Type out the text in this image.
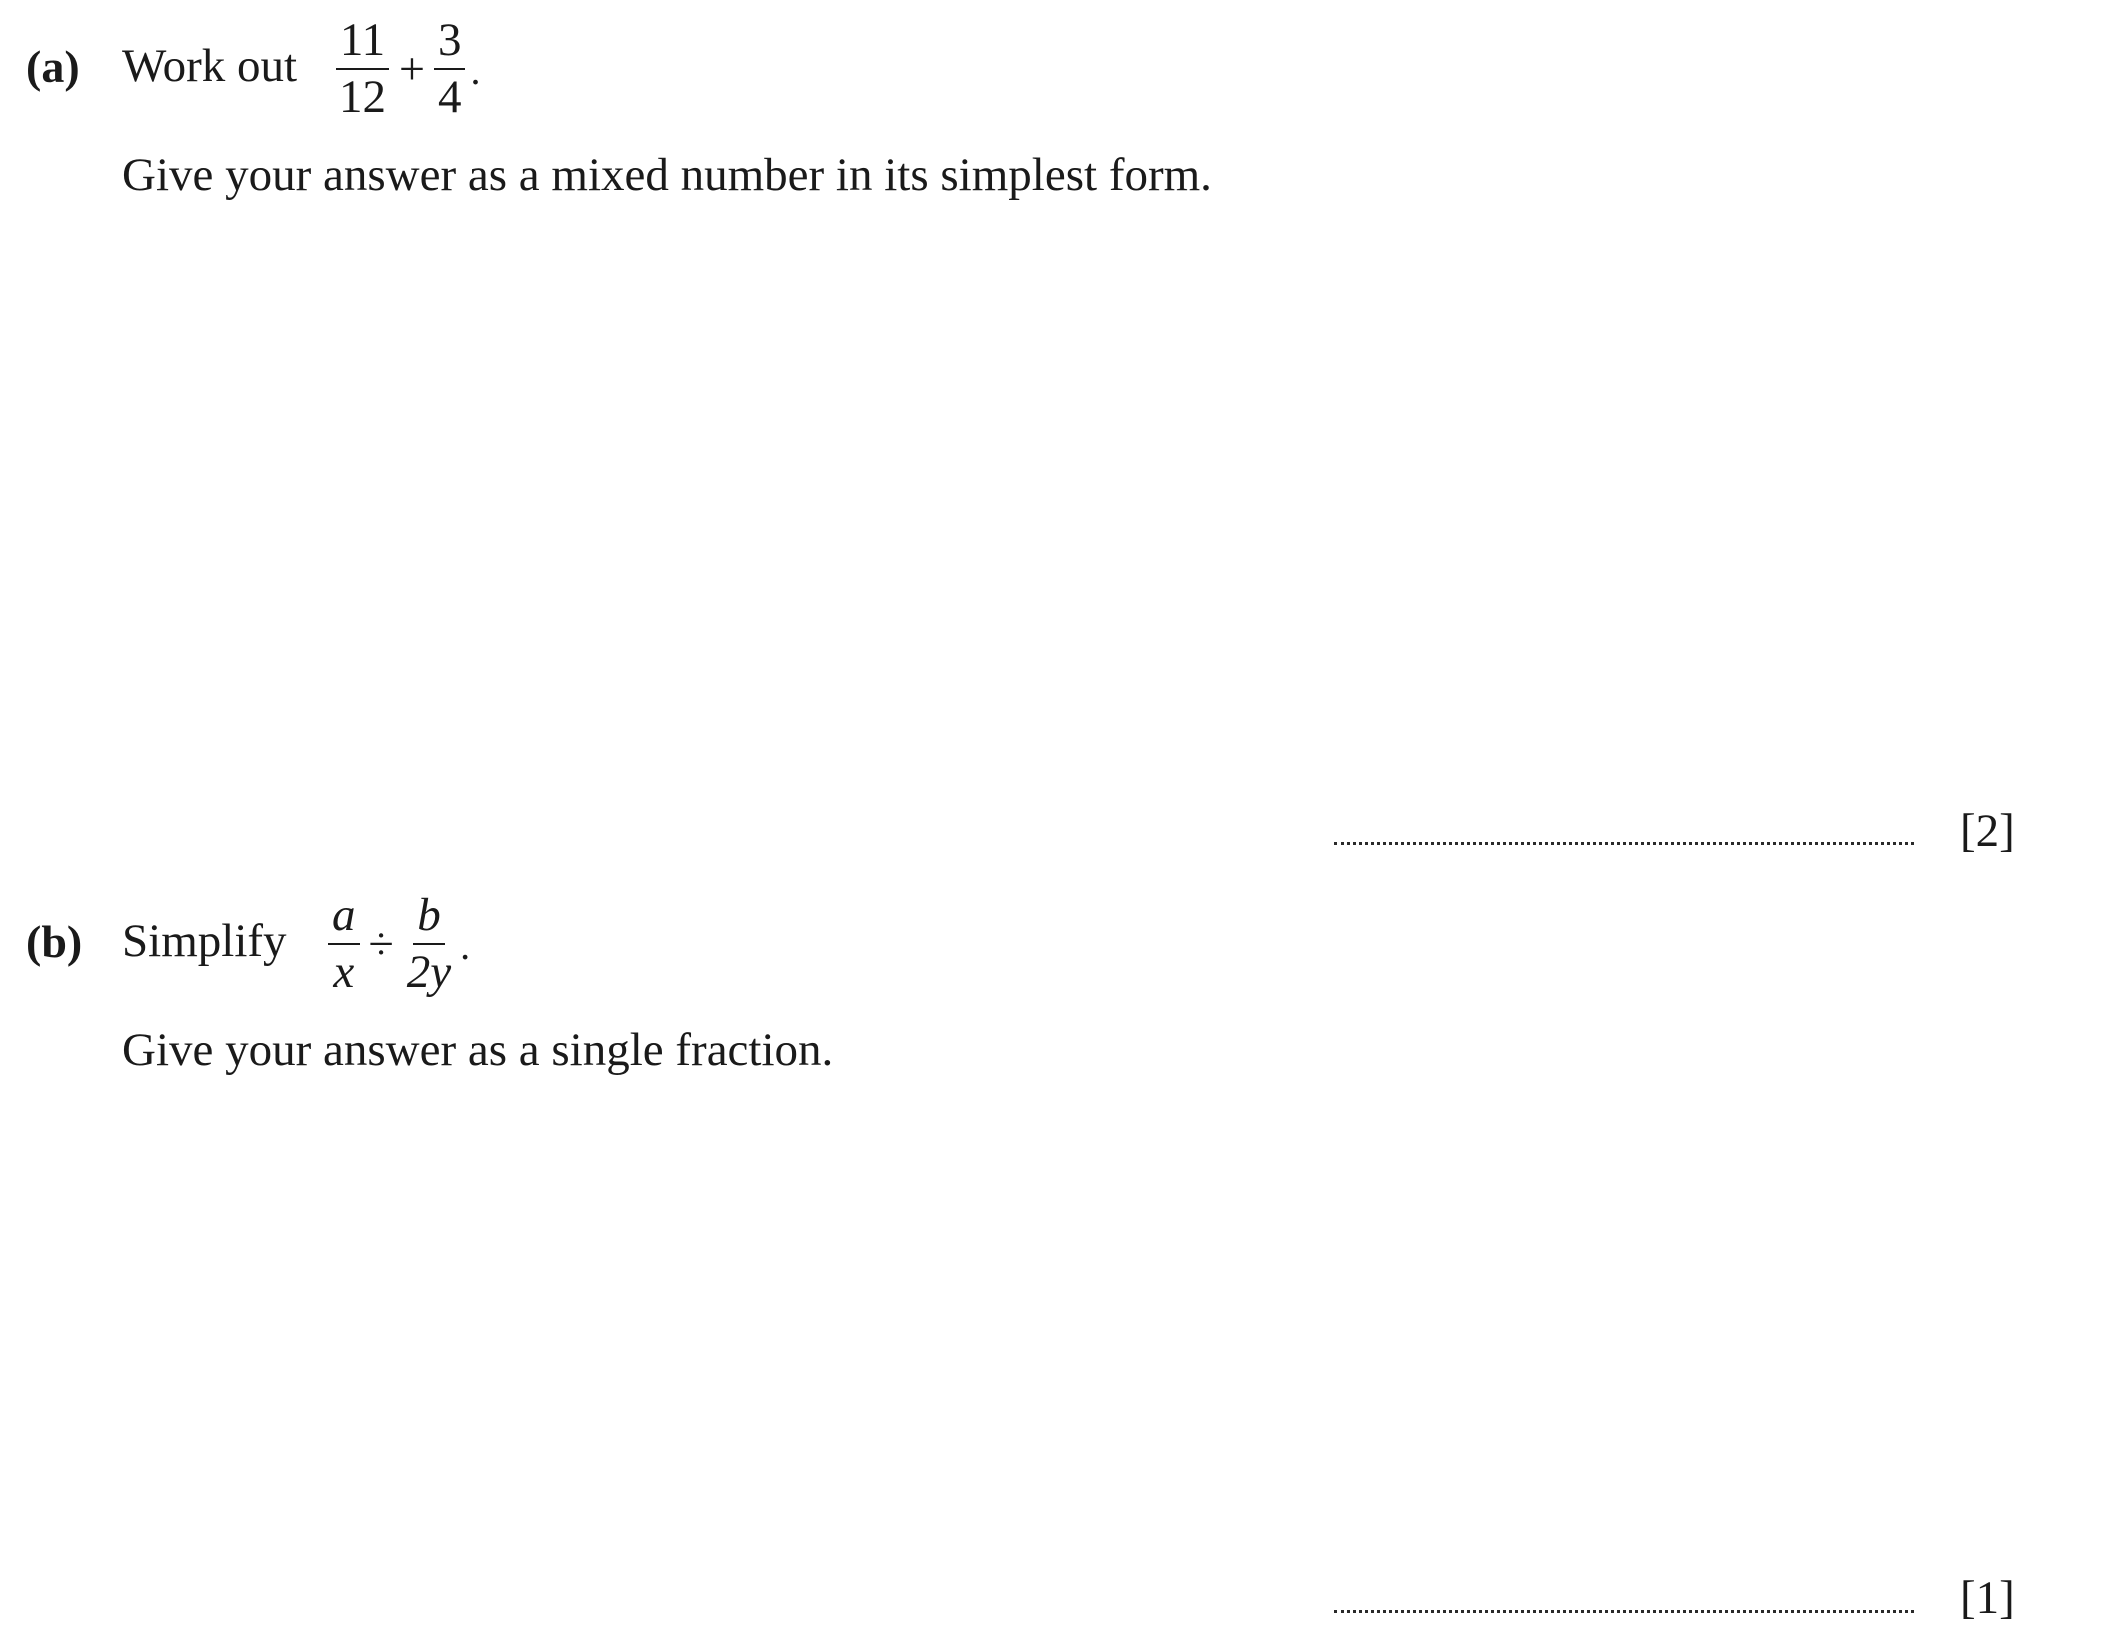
(a) Work out $\frac{11}{12} + \frac{3}{4}$ .
Give your answer as a mixed number in its simplest form.
[2]
(b) Simplify $\frac{a}{x} \div \frac{b}{2y}$ .
Give your answer as a single fraction.
[1]
